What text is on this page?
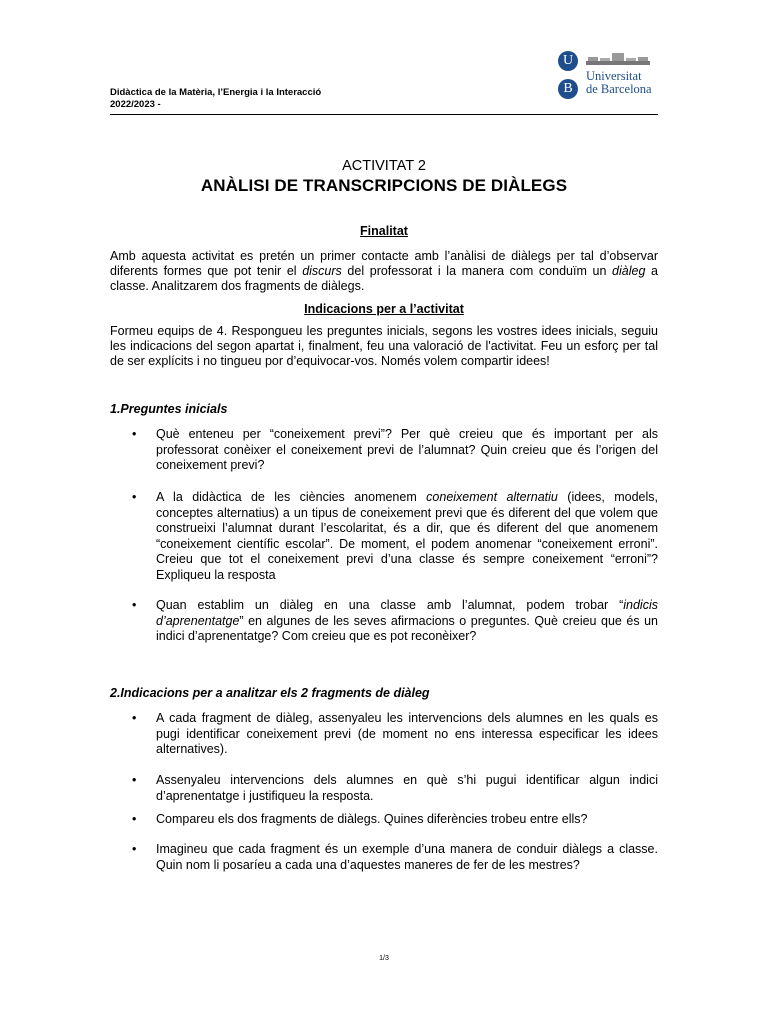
Didàctica de la Matèria, l’Energia i la Interacció
2022/2023 -
U
B
Universitat
de Barcelona
ACTIVITAT 2
ANÀLISI DE TRANSCRIPCIONS DE DIÀLEGS
Finalitat
Amb aquesta activitat es pretén un primer contacte amb l’anàlisi de diàlegs per tal d’observar diferents formes que pot tenir el discurs del professorat i la manera com conduïm un diàleg a classe. Analitzarem dos fragments de diàlegs.
Indicacions per a l’activitat
Formeu equips de 4. Respongueu les preguntes inicials, segons les vostres idees inicials, seguiu les indicacions del segon apartat i, finalment, feu una valoració de l'activitat. Feu un esforç per tal de ser explícits i no tingueu por d’equivocar-vos. Només volem compartir idees!
1.Preguntes inicials
• Què enteneu per “coneixement previ”? Per què creieu que és important per als professorat conèixer el coneixement previ de l’alumnat? Quin creieu que és l’origen del coneixement previ?
• A la didàctica de les ciències anomenem coneixement alternatiu (idees, models, conceptes alternatius) a un tipus de coneixement previ que és diferent del que volem que construeixi l’alumnat durant l’escolaritat, és a dir, que és diferent del que anomenem “coneixement científic escolar”. De moment, el podem anomenar “coneixement erroni”. Creieu que tot el coneixement previ d’una classe és sempre coneixement “erroni”? Expliqueu la resposta
• Quan establim un diàleg en una classe amb l’alumnat, podem trobar “indicis d’aprenentatge” en algunes de les seves afirmacions o preguntes. Què creieu que és un indici d’aprenentatge? Com creieu que es pot reconèixer?
2.Indicacions per a analitzar els 2 fragments de diàleg
• A cada fragment de diàleg, assenyaleu les intervencions dels alumnes en les quals es pugi identificar coneixement previ (de moment no ens interessa especificar les idees alternatives).
• Assenyaleu intervencions dels alumnes en què s’hi pugui identificar algun indici d’aprenentatge i justifiqueu la resposta.
• Compareu els dos fragments de diàlegs. Quines diferències trobeu entre ells?
• Imagineu que cada fragment és un exemple d’una manera de conduir diàlegs a classe. Quin nom li posaríeu a cada una d’aquestes maneres de fer de les mestres?
1/3
